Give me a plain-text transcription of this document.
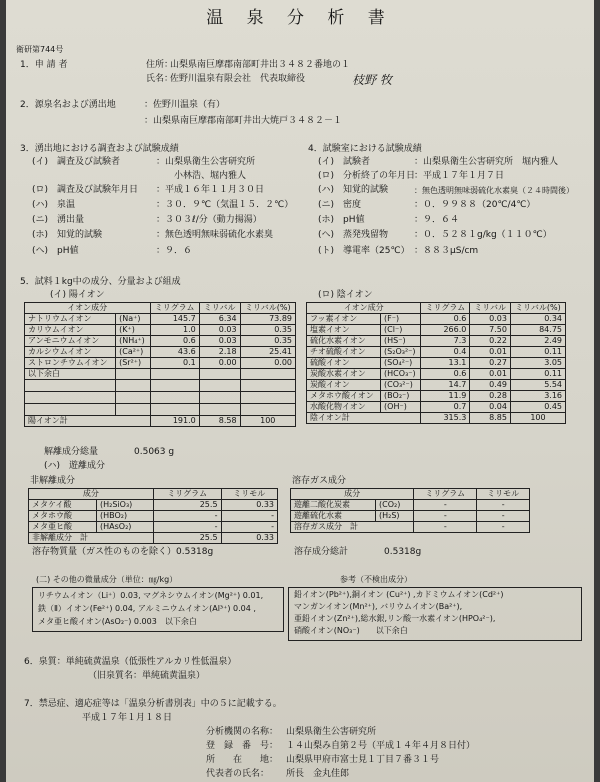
温 泉 分 析 書
衛研第744号
1．申 請 者	住所：
山梨県南巨摩郡南部町井出３４８２番地の１
氏名：
佐野川温泉有限会社　代表取締役	枝野 牧
2．源泉名および湧出地	：佐野川温泉（有）
：山梨県南巨摩郡南部町井出大焼戸３４８２－１
3．湧出地における調査および試験成績
(イ)　調査及び試験者	：山梨県衛生公害研究所
小林浩、堀内雅人
(ロ)　調査及び試験年月日 ：平成１６年１１月３０日
(ハ)　泉温	：３０．９℃（気温１５．２℃）
(ニ)　湧出量	：３０３ℓ/分（動力揚湯）
(ホ)　知覚的試験	：無色透明無味弱硫化水素臭
(ヘ)　pH値	：９．６
4．試験室における試験成績
(イ)　試験者	：山梨県衛生公害研究所　堀内雅人
(ロ)　分析終了の年月日
：平成１７年１月７日
(ハ)　知覚的試験	：無色透明無味弱硫化水素臭（２４時間後）
(ニ)　密度	：０．９９８８（20℃/4℃）
(ホ)　pH値	：９．６４
(ヘ)　蒸発残留物	：０．５２８１g/kg（１１０℃）
(ト)　導電率（25℃） ：８８３μS/cm
5．試料１kg中の成分、分量および組成
(イ) 陽イオン	(ロ) 陰イオン
イオン成分		ミリグラム	ミリバル	ミリバル(%)
ナトリウムイオン	(Na⁺)	145.7	6.34	73.89
カリウムイオン	(K⁺)	1.0	0.03	0.35
アンモニウムイオン	(NH₄⁺)	0.6	0.03	0.35
カルシウムイオン	(Ca²⁺)	43.6	2.18	25.41
ストロンチウムイオン	(Sr²⁺)	0.1	0.00	0.00
以下余白				

陽イオン計		191.0	8.58	100
イオン成分		ミリグラム	ミリバル	ミリバル(%)
フッ素イオン	(F⁻)	0.6	0.03	0.34
塩素イオン	(Cl⁻)	266.0	7.50	84.75
硫化水素イオン	(HS⁻)	7.3	0.22	2.49
チオ硫酸イオン	(S₂O₃²⁻)	0.4	0.01	0.11
硫酸イオン	(SO₄²⁻)	13.1	0.27	3.05
炭酸水素イオン	(HCO₃⁻)	0.6	0.01	0.11
炭酸イオン	(CO₃²⁻)	14.7	0.49	5.54
メタホウ酸イオン	(BO₂⁻)	11.9	0.28	3.16
水酸化物イオン	(OH⁻)	0.7	0.04	0.45
陰イオン計		315.3	8.85	100
解離成分総量　　　　0.5063 g
(ハ)　遊離成分
非解離成分
成分		ミリグラム	ミリモル
メタケイ酸	(H₂SiO₃)	25.5	0.33
メタホウ酸	(HBO₂)	-	-
メタ亜ヒ酸	(HAsO₂)	-	-
非解離成分　計		25.5	0.33
溶存ガス成分
成分		ミリグラム	ミリモル
遊離二酸化炭素	(CO₂)	-	-
遊離硫化水素	(H₂S)	-	-
溶存ガス成分　計		-	-
溶存物質量（ガス性のものを除く）0.5318g	溶存成分総計　　　　0.5318g
(二) その他の微量成分（単位：㎎/kg）
リチウムイオン（Li⁺）0.03, マグネシウムイオン(Mg²⁺) 0.01,
鉄（Ⅱ）イオン(Fe²⁺) 0.04, アルミニウムイオン(Al³⁺) 0.04 ,
メタ亜ヒ酸イオン(AsO₂⁻) 0.003　以下余白
参考（不検出成分）
鉛イオン(Pb²⁺),銅イオン (Cu²⁺) ,カドミウムイオン(Cd²⁺)
マンガンイオン(Mn²⁺), バリウムイオン(Ba²⁺),
亜鉛イオン(Zn²⁺),総水銀,リン酸一水素イオン(HPO₄²⁻),
硝酸イオン(NO₃⁻)　　以下余白
6．泉質：単純硫黄温泉（低張性アルカリ性低温泉）
（旧泉質名：単純硫黄温泉）
7．禁忌症、適応症等は「温泉分析書別表」中の５に記載する。
平成１７年１月１８日
分析機関の名称： 山梨県衛生公害研究所
登　録　番　号： １４山梨み自第２号（平成１４年４月８日付）
所　　在　　地： 山梨県甲府市富士見１丁目７番３１号
代表者の氏名： 所長　金丸佳郎
